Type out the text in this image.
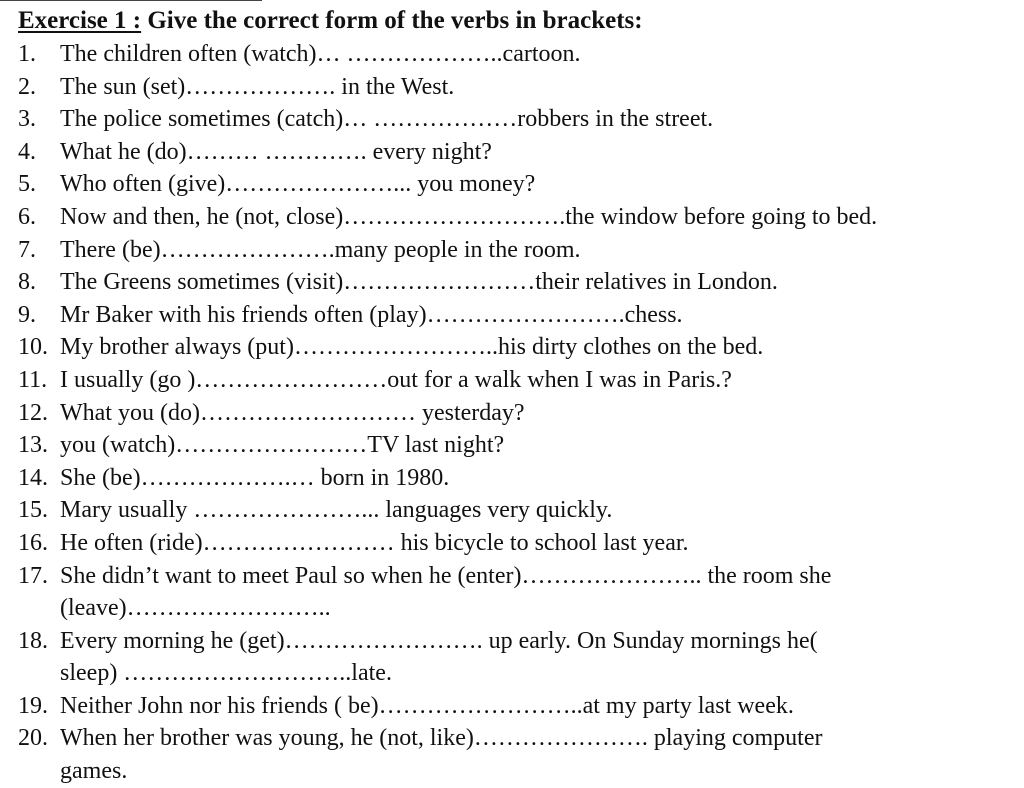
Exercise 1 : Give the correct form of the verbs in brackets:
1. The children often (watch)… ………………..cartoon.
2. The sun (set)………………. in the West.
3. The police sometimes (catch)… ………………robbers in the street.
4. What he (do)……… …………. every night?
5. Who often (give)…………………... you money?
6. Now and then, he (not, close)……………………….the window before going to bed.
7. There (be)………………….many people in the room.
8. The Greens sometimes (visit)……………………their relatives in London.
9. Mr Baker with his friends often (play)…………………….chess.
10. My brother always (put)……………………..his dirty clothes on the bed.
11. I usually (go )……………………out for a walk when I was in Paris.?
12. What you (do)……………………… yesterday?
13. you (watch)……………………TV last night?
14. She (be)……………….… born in 1980.
15. Mary usually …………………... languages very quickly.
16. He often (ride)…………………… his bicycle to school last year.
17. She didn’t want to meet Paul so when he (enter)………………….. the room she
(leave)……………………..
18. Every morning he (get)……………………. up early. On Sunday mornings he(
sleep) ………………………..late.
19. Neither John nor his friends ( be)……………………..at my party last week.
20. When her brother was young, he (not, like)…………………. playing computer
games.
